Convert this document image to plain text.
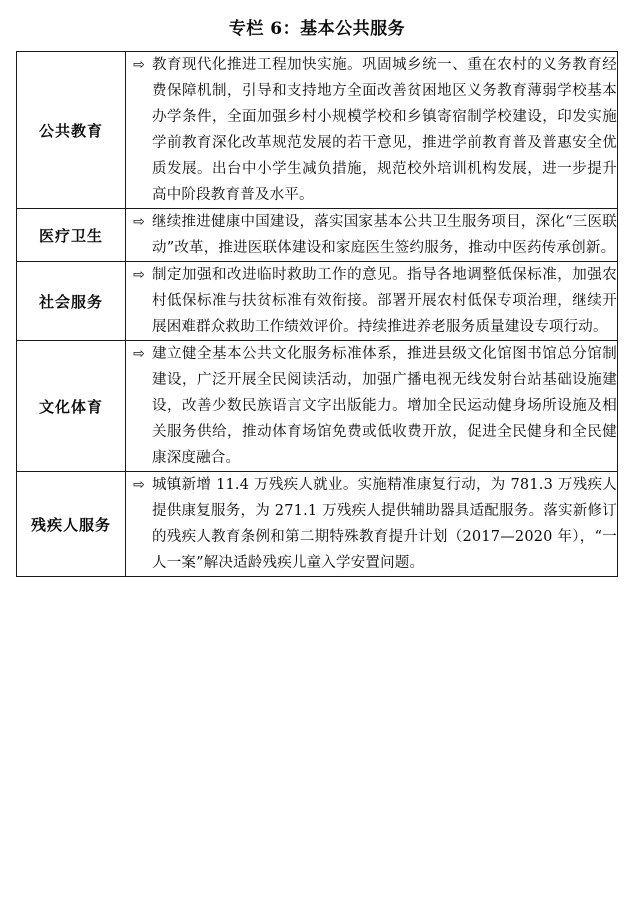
专栏 6：基本公共服务
公共教育	⇨ 教育现代化推进工程加快实施。巩固城乡统一、重在农村的义务教育经费保障机制，引导和支持地方全面改善贫困地区义务教育薄弱学校基本办学条件，全面加强乡村小规模学校和乡镇寄宿制学校建设，印发实施学前教育深化改革规范发展的若干意见，推进学前教育普及普惠安全优质发展。出台中小学生减负措施，规范校外培训机构发展，进一步提升高中阶段教育普及水平。

医疗卫生	⇨ 继续推进健康中国建设，落实国家基本公共卫生服务项目，深化“三医联动”改革，推进医联体建设和家庭医生签约服务，推动中医药传承创新。

社会服务	⇨ 制定加强和改进临时救助工作的意见。指导各地调整低保标准，加强农村低保标准与扶贫标准有效衔接。部署开展农村低保专项治理，继续开展困难群众救助工作绩效评价。持续推进养老服务质量建设专项行动。

文化体育	⇨ 建立健全基本公共文化服务标准体系，推进县级文化馆图书馆总分馆制建设，广泛开展全民阅读活动，加强广播电视无线发射台站基础设施建设，改善少数民族语言文字出版能力。增加全民运动健身场所设施及相关服务供给，推动体育场馆免费或低收费开放，促进全民健身和全民健康深度融合。

残疾人服务	⇨ 城镇新增 11.4 万残疾人就业。实施精准康复行动，为 781.3 万残疾人提供康复服务，为 271.1 万残疾人提供辅助器具适配服务。落实新修订的残疾人教育条例和第二期特殊教育提升计划（2017—2020 年），“一人一案”解决适龄残疾儿童入学安置问题。
